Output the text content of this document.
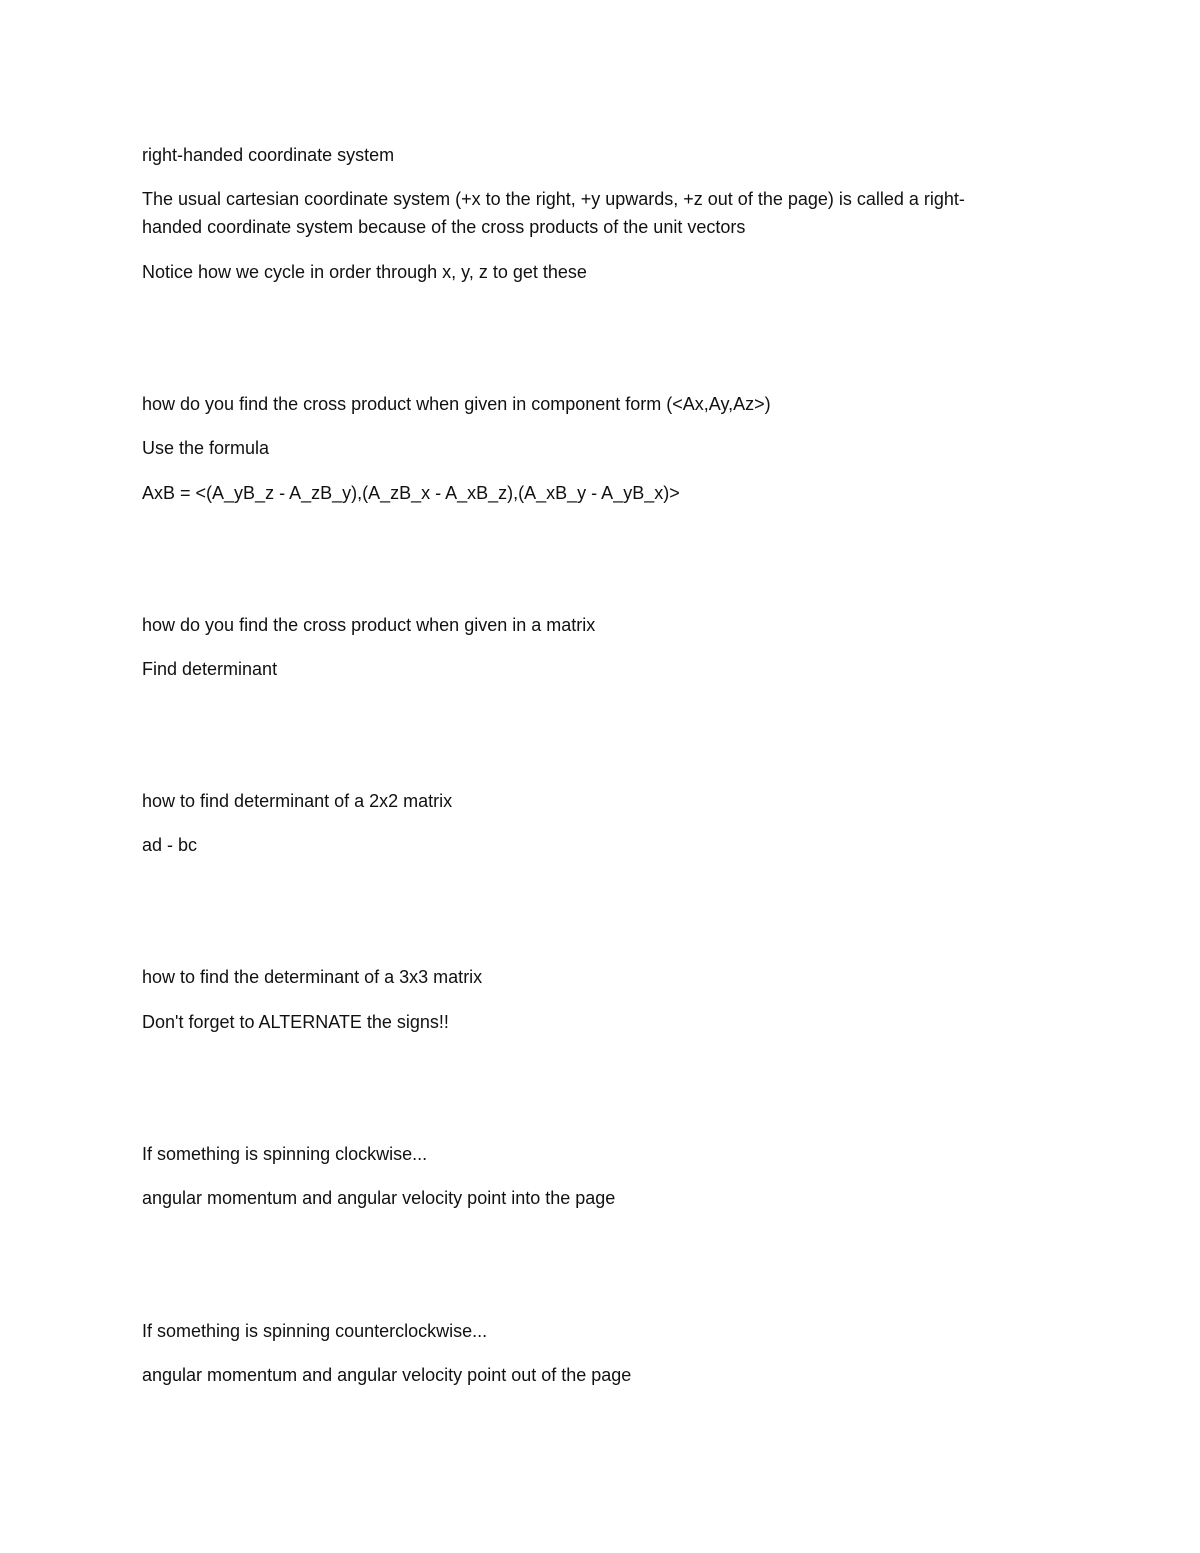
right-handed coordinate system

The usual cartesian coordinate system (+x to the right, +y upwards, +z out of the page) is called a right-

handed coordinate system because of the cross products of the unit vectors

Notice how we cycle in order through x, y, z to get these

how do you find the cross product when given in component form (<Ax,Ay,Az>)

Use the formula

AxB = <(A_yB_z - A_zB_y),(A_zB_x - A_xB_z),(A_xB_y - A_yB_x)>

how do you find the cross product when given in a matrix

Find determinant

how to find determinant of a 2x2 matrix

ad - bc

how to find the determinant of a 3x3 matrix

Don't forget to ALTERNATE the signs!!

If something is spinning clockwise...

angular momentum and angular velocity point into the page

If something is spinning counterclockwise...

angular momentum and angular velocity point out of the page
